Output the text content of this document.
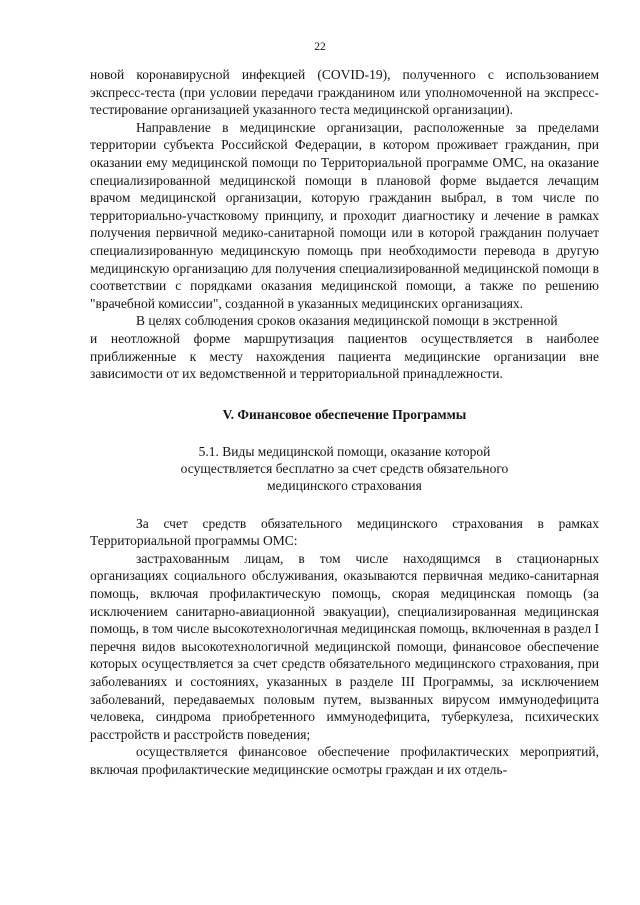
22

новой коронавирусной инфекцией (COVID-19), полученного с использованием экспресс-теста (при условии передачи гражданином или уполномоченной на экспресс-тестирование организацией указанного теста медицинской организации).

Направление в медицинские организации, расположенные за пределами территории субъекта Российской Федерации, в котором проживает гражданин, при оказании ему медицинской помощи по Территориальной программе ОМС, на оказание специализированной медицинской помощи в плановой форме выдается лечащим врачом медицинской организации, которую гражданин выбрал, в том числе по территориально-участковому принципу, и проходит диагностику и лечение в рамках получения первичной медико-санитарной помощи или в которой гражданин получает специализированную медицинскую помощь при необходимости перевода в другую медицинскую организацию для получения специализированной медицинской помощи в соответствии с порядками оказания медицинской помощи, а также по решению "врачебной комиссии", созданной в указанных медицинских организациях.

В целях соблюдения сроков оказания медицинской помощи в экстренной

и неотложной форме маршрутизация пациентов осуществляется в наиболее приближенные к месту нахождения пациента медицинские организации вне зависимости от их ведомственной и территориальной принадлежности.

V. Финансовое обеспечение Программы

5.1. Виды медицинской помощи, оказание которой
осуществляется бесплатно за счет средств обязательного
медицинского страхования

За счет средств обязательного медицинского страхования в рамках Территориальной программы ОМС:

застрахованным лицам, в том числе находящимся в стационарных организациях социального обслуживания, оказываются первичная медико-санитарная помощь, включая профилактическую помощь, скорая медицинская помощь (за исключением санитарно-авиационной эвакуации), специализированная медицинская помощь, в том числе высокотехнологичная медицинская помощь, включенная в раздел I перечня видов высокотехнологичной медицинской помощи, финансовое обеспечение которых осуществляется за счет средств обязательного медицинского страхования, при заболеваниях и состояниях, указанных в разделе III Программы, за исключением заболеваний, передаваемых половым путем, вызванных вирусом иммунодефицита человека, синдрома приобретенного иммунодефицита, туберкулеза, психических расстройств и расстройств поведения;

осуществляется финансовое обеспечение профилактических мероприятий, включая профилактические медицинские осмотры граждан и их отдель-
